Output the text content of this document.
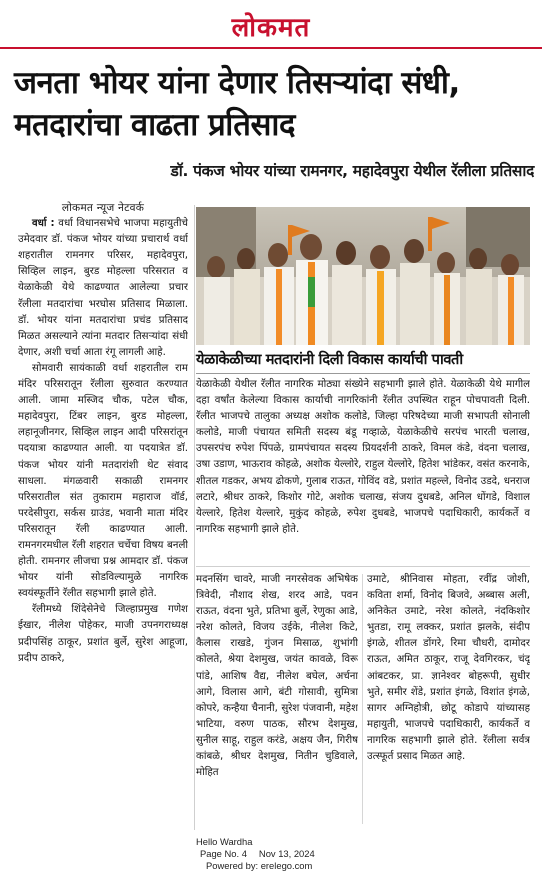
लोकमत
जनता भोयर यांना देणार तिसऱ्यांदा संधी, मतदारांचा वाढता प्रतिसाद
डॉ. पंकज भोयर यांच्या रामनगर, महादेवपुरा येथील रॅलीला प्रतिसाद

लोकमत न्यूज नेटवर्क

वर्धा : वर्धा विधानसभेचे भाजपा महायुतीचे उमेदवार डॉ. पंकज भोयर यांच्या प्रचारार्थ वर्धा शहरातील रामनगर परिसर, महादेवपुरा, सिव्हिल लाइन, बुरड मोहल्ला परिसरात व येळाकेळी येथे काढण्यात आलेल्या प्रचार रॅलीला मतदारांचा भरघोस प्रतिसाद मिळाला. डॉ. भोयर यांना मतदारांचा प्रचंड प्रतिसाद मिळत असल्याने त्यांना मतदार तिसऱ्यांदा संधी देणार, अशी चर्चा आता रंगू लागली आहे.

सोमवारी सायंकाळी वर्धा शहरातील राम मंदिर परिसरातून रॅलीला सुरुवात करण्यात आली. जामा मस्जिद चौक, पटेल चौक, महादेवपुरा, टिंबर लाइन, बुरड मोहल्ला, लहानूजीनगर, सिव्हिल लाइन आदी परिसरांतून पदयात्रा काढण्यात आली. या पदयात्रेत डॉ. पंकज भोयर यांनी मतदारांशी थेट संवाद साधला. मंगळवारी सकाळी रामनगर परिसरातील संत तुकाराम महाराज वॉर्ड, परदेसीपुरा, सर्कस ग्राउंड, भवानी माता मंदिर परिसरातून रॅली काढण्यात आली. रामनगरमधील रॅली शहरात चर्चेचा विषय बनली होती. रामनगर लीजचा प्रश्न आमदार डॉ. पंकज भोयर यांनी सोडविल्यामुळे नागरिक स्वयंस्फूर्तीने रॅलीत सहभागी झाले होते.

रॅलीमध्ये शिंदेसेनेचे जिल्हाप्रमुख गणेश ईखार, नीलेश पोहेकर, माजी उपनगराध्यक्ष प्रदीपसिंह ठाकूर, प्रशांत बुर्ले, सुरेश आहूजा, प्रदीप ठाकरे,

येळाकेळीच्या मतदारांनी दिली विकास कार्याची पावती
येळाकेळी येथील रॅलीत नागरिक मोठ्या संख्येने सहभागी झाले होते. येळाकेळी येथे मागील दहा वर्षांत केलेल्या विकास कार्याची नागरिकांनी रॅलीत उपस्थित राहून पोचपावती दिली. रॅलीत भाजपचे तालुका अध्यक्ष अशोक कलोडे, जिल्हा परिषदेच्या माजी सभापती सोनाली कलोडे, माजी पंचायत समिती सदस्य बंडू गव्हाळे, येळाकेळीचे सरपंच भारती चलाख, उपसरपंच रुपेश पिंपळे, ग्रामपंचायत सदस्य प्रियदर्शनी ठाकरे, विमल कंडे, वंदना चलाख, उषा उडाण, भाऊराव कोहळे, अशोक येल्लोरे, राहुल येल्लोरे, हितेश भांडेकर, वसंत करनाके, शीतल गडकर, अभय ढोकणे, गुलाब राऊत, गोविंद वडे, प्रशांत महल्ले, विनोद उडदे, धनराज लटारे, श्रीधर ठाकरे, किशोर गोटे, अशोक चलाख, संजय दुधबडे, अनिल धोंगडे, विशाल येल्लारे, हितेश येल्लारे, मुकुंद कोहळे, रुपेश दुधबडे, भाजपचे पदाधिकारी, कार्यकर्ते व नागरिक सहभागी झाले होते.
मदनसिंग चावरे, माजी नगरसेवक अभिषेक त्रिवेदी, नौशाद शेख, शरद आडे, पवन राऊत, वंदना भुते, प्रतिभा बुर्ले, रेणुका आडे, नरेश कोलते, विजय उईके, नीलेश किटे, कैलास राखडे, गुंजन मिसाळ, शुभांगी कोलते, श्रेया देशमुख, जयंत कावळे, विरू पांडे, आशिष वैद्य, नीलेश बघेल, अर्चना आगे, विलास आगे, बंटी गोसावी, सुमित्रा कोपरे, कन्हैया चैनानी, सुरेश पंजवानी, महेश भाटिया, वरुण पाठक, सौरभ देशमुख, सुनील साहू, राहुल करंडे, अक्षय जैन, गिरीष कांबळे, श्रीधर देशमुख, नितीन चुडिवाले, मोहित
उमाटे, श्रीनिवास मोहता, रवींद्र जोशी, कविता शर्मा, विनोद बिजवे, अब्बास अली, अनिकेत उमाटे, नरेश कोलते, नंदकिशोर भुतडा, रामू लक्कर, प्रशांत झलके, संदीप इंगळे, शीतल डोंगरे, रिमा चौधरी, दामोदर राऊत, अमित ठाकूर, राजू देवगिरकर, चंदू आंबटकर, प्रा. ज्ञानेश्वर बोहरूपी, सुधीर भुते, समीर शेंडे, प्रशांत इंगळे, विशांत इंगळे, सागर अग्निहोत्री, छोटू कोडापे यांच्यासह महायुती, भाजपचे पदाधिकारी, कार्यकर्ते व नागरिक सहभागी झाले होते. रॅलीला सर्वत्र उत्स्फूर्त प्रसाद मिळत आहे.
Hello Wardha
Page No. 4 Nov 13, 2024
Powered by: erelego.com
